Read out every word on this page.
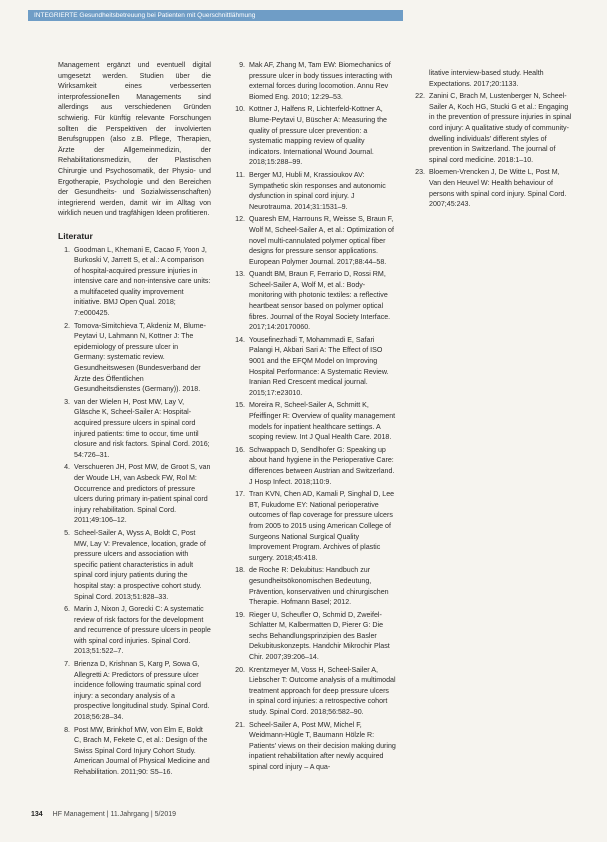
INTEGRIERTE Gesundheitsbetreuung bei Patienten mit Querschnittlähmung

Management ergänzt und eventuell digital umgesetzt werden. Studien über die Wirksamkeit eines verbesserten interprofessionellen Managements sind allerdings aus verschiedenen Gründen schwierig. Für künftig relevante Forschungen sollten die Perspektiven der involvierten Berufsgruppen (also z.B. Pflege, Therapien, Ärzte der Allgemeinmedizin, der Rehabilitationsmedizin, der Plastischen Chirurgie und Psychosomatik, der Physio- und Ergotherapie, Psychologie und den Bereichen der Gesundheits- und Sozialwissenschaften) integrierend werden, damit wir im Alltag von wirklich neuen und tragfähigen Ideen profitieren.

Literatur
1. Goodman L, Khemani E, Cacao F, Yoon J, Burkoski V, Jarrett S, et al.: A comparison of hospital-acquired pressure injuries in intensive care and non-intensive care units: a multifaceted quality improvement initiative. BMJ Open Qual. 2018; 7:e000425.
2. Tomova-Simitchieva T, Akdeniz M, Blume-Peytavi U, Lahmann N, Kottner J: The epidemiology of pressure ulcer in Germany: systematic review. Gesundheitswesen (Bundesverband der Ärzte des Öffentlichen Gesundheitsdienstes (Germany)). 2018.
3. van der Wielen H, Post MW, Lay V, Gläsche K, Scheel-Sailer A: Hospital-acquired pressure ulcers in spinal cord injured patients: time to occur, time until closure and risk factors. Spinal Cord. 2016; 54:726–31.
4. Verschueren JH, Post MW, de Groot S, van der Woude LH, van Asbeck FW, Rol M: Occurrence and predictors of pressure ulcers during primary in-patient spinal cord injury rehabilitation. Spinal Cord. 2011;49:106–12.
5. Scheel-Sailer A, Wyss A, Boldt C, Post MW, Lay V: Prevalence, location, grade of pressure ulcers and association with specific patient characteristics in adult spinal cord injury patients during the hospital stay: a prospective cohort study. Spinal Cord. 2013;51:828–33.
6. Marin J, Nixon J, Gorecki C: A systematic review of risk factors for the development and recurrence of pressure ulcers in people with spinal cord injuries. Spinal Cord. 2013;51:522–7.
7. Brienza D, Krishnan S, Karg P, Sowa G, Allegretti A: Predictors of pressure ulcer incidence following traumatic spinal cord injury: a secondary analysis of a prospective longitudinal study. Spinal Cord. 2018;56:28–34.
8. Post MW, Brinkhof MW, von Elm E, Boldt C, Brach M, Fekete C, et al.: Design of the Swiss Spinal Cord Injury Cohort Study. American Journal of Physical Medicine and Rehabilitation. 2011;90: S5–16.
9. Mak AF, Zhang M, Tam EW: Biomechanics of pressure ulcer in body tissues interacting with external forces during locomotion. Annu Rev Biomed Eng. 2010; 12:29–53.
10. Kottner J, Halfens R, Lichterfeld-Kottner A, Blume-Peytavi U, Büscher A: Measuring the quality of pressure ulcer prevention: a systematic mapping review of quality indicators. International Wound Journal. 2018;15:288–99.
11. Berger MJ, Hubli M, Krassioukov AV: Sympathetic skin responses and autonomic dysfunction in spinal cord injury. J Neurotrauma. 2014;31:1531–9.
12. Quaresh EM, Harrouns R, Weisse S, Braun F, Wolf M, Scheel-Sailer A, et al.: Optimization of novel multi-cannulated polymer optical fiber designs for pressure sensor applications. European Polymer Journal. 2017;88:44–58.
13. Quandt BM, Braun F, Ferrario D, Rossi RM, Scheel-Sailer A, Wolf M, et al.: Body-monitoring with photonic textiles: a reflective heartbeat sensor based on polymer optical fibres. Journal of the Royal Society Interface. 2017;14:20170060.
14. Yousefinezhadi T, Mohammadi E, Safari Palangi H, Akbari Sari A: The Effect of ISO 9001 and the EFQM Model on Improving Hospital Performance: A Systematic Review. Iranian Red Crescent medical journal. 2015;17:e23010.
15. Moreira R, Scheel-Sailer A, Schmitt K, Pfeiffinger R: Overview of quality management models for inpatient healthcare settings. A scoping review. Int J Qual Health Care. 2018.
16. Schwappach D, Sendlhofer G: Speaking up about hand hygiene in the Perioperative Care: differences between Austrian and Switzerland. J Hosp Infect. 2018;110:9.
17. Tran KVN, Chen AD, Kamali P, Singhal D, Lee BT, Fukudome EY: National perioperative outcomes of flap coverage for pressure ulcers from 2005 to 2015 using American College of Surgeons National Surgical Quality Improvement Program. Archives of plastic surgery. 2018;45:418.
18. de Roche R: Dekubitus: Handbuch zur gesundheitsökonomischen Bedeutung, Prävention, konservativen und chirurgischen Therapie. Hofmann Basel; 2012.
19. Rieger U, Scheufler O, Schmid D, Zweifel-Schlatter M, Kalbermatten D, Pierer G: Die sechs Behandlungsprinzipien des Basler Dekubituskonzepts. Handchir Mikrochir Plast Chir. 2007;39:206–14.
20. Krentzmeyer M, Voss H, Scheel-Sailer A, Liebscher T: Outcome analysis of a multimodal treatment approach for deep pressure ulcers in spinal cord injuries: a retrospective cohort study. Spinal Cord. 2018;56:582–90.
21. Scheel-Sailer A, Post MW, Michel F, Weidmann-Hügle T, Baumann Hölzle R: Patients' views on their decision making during inpatient rehabilitation after newly acquired spinal cord injury – A qua-
litative interview-based study. Health Expectations. 2017;20:1133.
22. Zanini C, Brach M, Lustenberger N, Scheel-Sailer A, Koch HG, Stucki G et al.: Engaging in the prevention of pressure injuries in spinal cord injury: A qualitative study of community-dwelling individuals' different styles of prevention in Switzerland. The journal of spinal cord medicine. 2018:1–10.
23. Bloemen-Vrencken J, De Witte L, Post M, Van den Heuvel W: Health behaviour of persons with spinal cord injury. Spinal Cord. 2007;45:243.
134 HF Management | 11.Jahrgang | 5/2019
